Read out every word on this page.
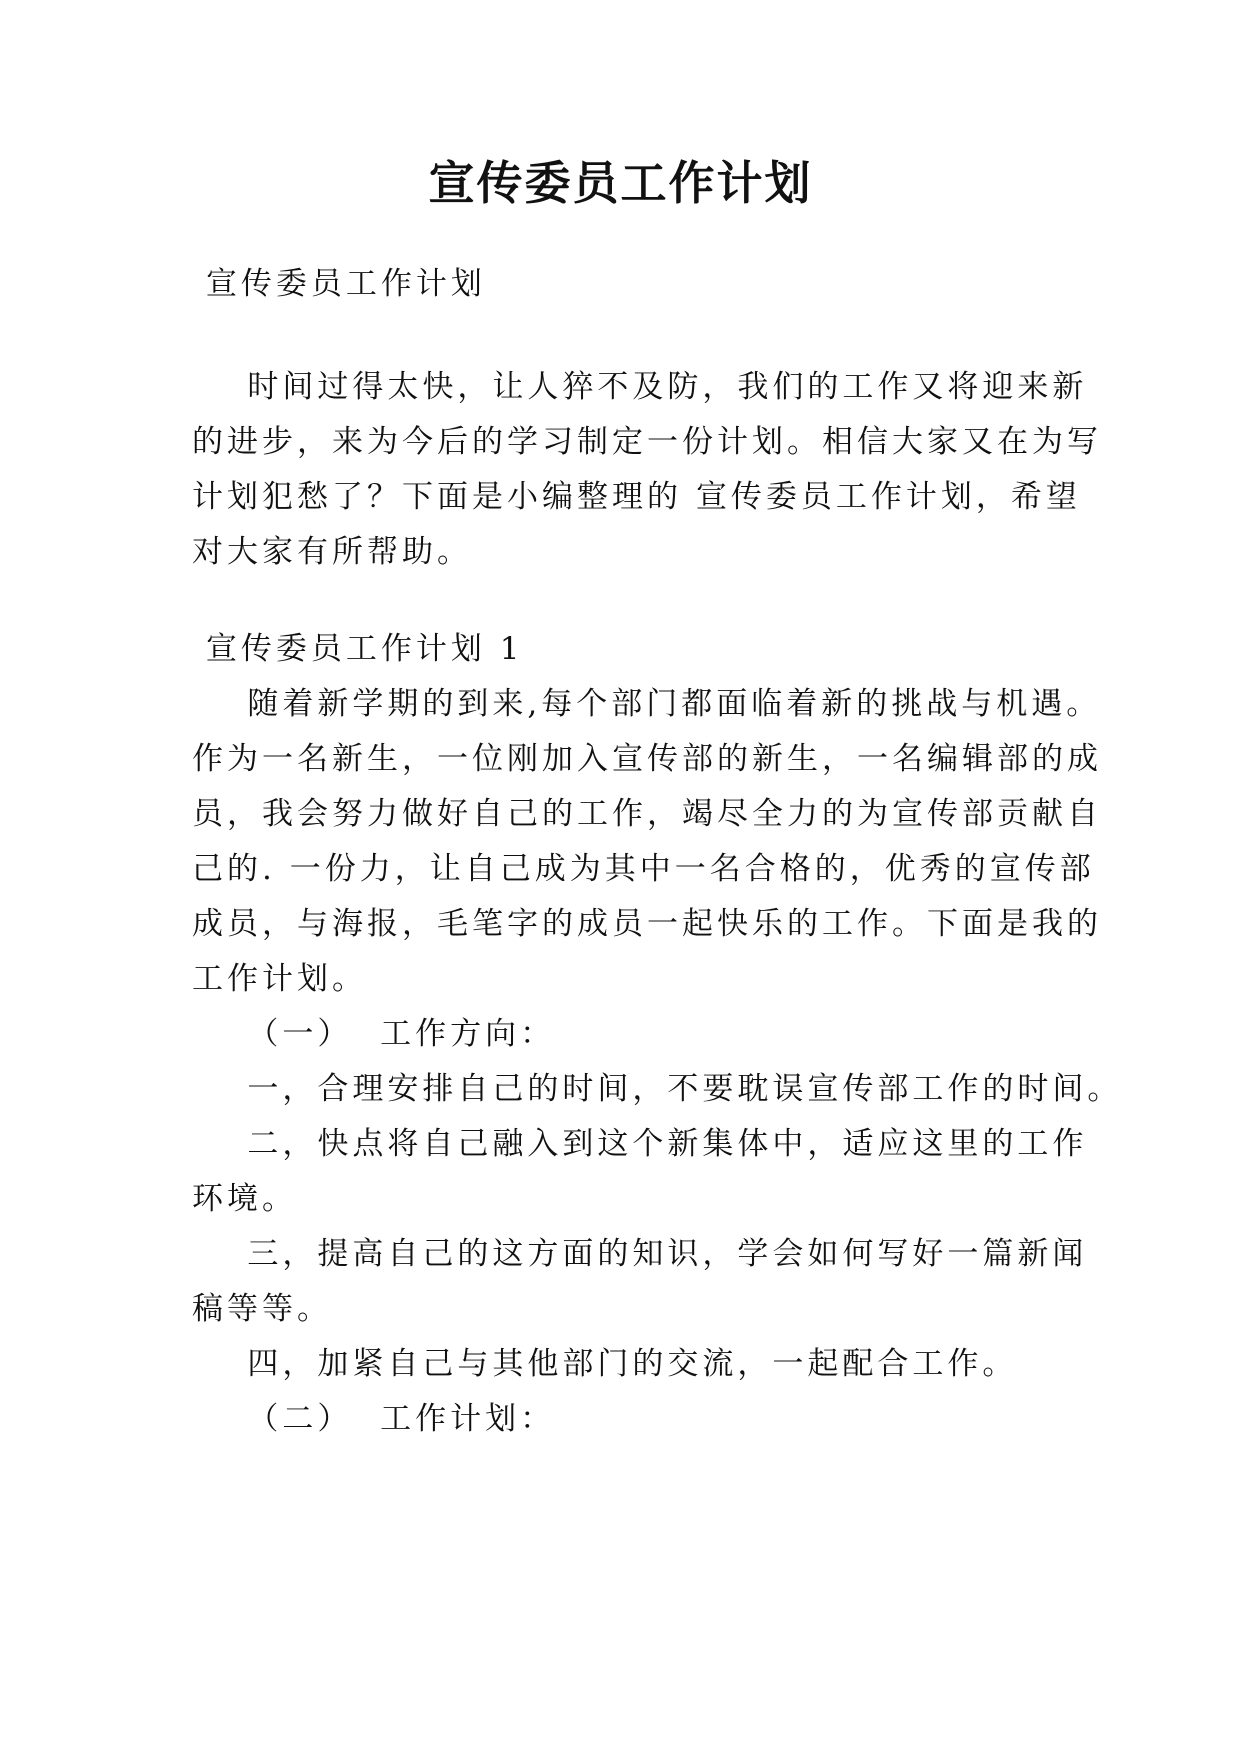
宣传委员工作计划

宣传委员工作计划

时间过得太快，让人猝不及防，我们的工作又将迎来新

的进步，来为今后的学习制定一份计划。相信大家又在为写

计划犯愁了？下面是小编整理的 宣传委员工作计划，希望

对大家有所帮助。

宣传委员工作计划 1

随着新学期的到来,每个部门都面临着新的挑战与机遇。

作为一名新生，一位刚加入宣传部的新生，一名编辑部的成

员，我会努力做好自己的工作，竭尽全力的为宣传部贡献自

己的. 一份力，让自己成为其中一名合格的，优秀的宣传部

成员，与海报，毛笔字的成员一起快乐的工作。下面是我的

工作计划。

（一）  工作方向：

一，合理安排自己的时间，不要耽误宣传部工作的时间。

二，快点将自己融入到这个新集体中，适应这里的工作

环境。

三，提高自己的这方面的知识，学会如何写好一篇新闻

稿等等。

四，加紧自己与其他部门的交流，一起配合工作。

（二）  工作计划：
